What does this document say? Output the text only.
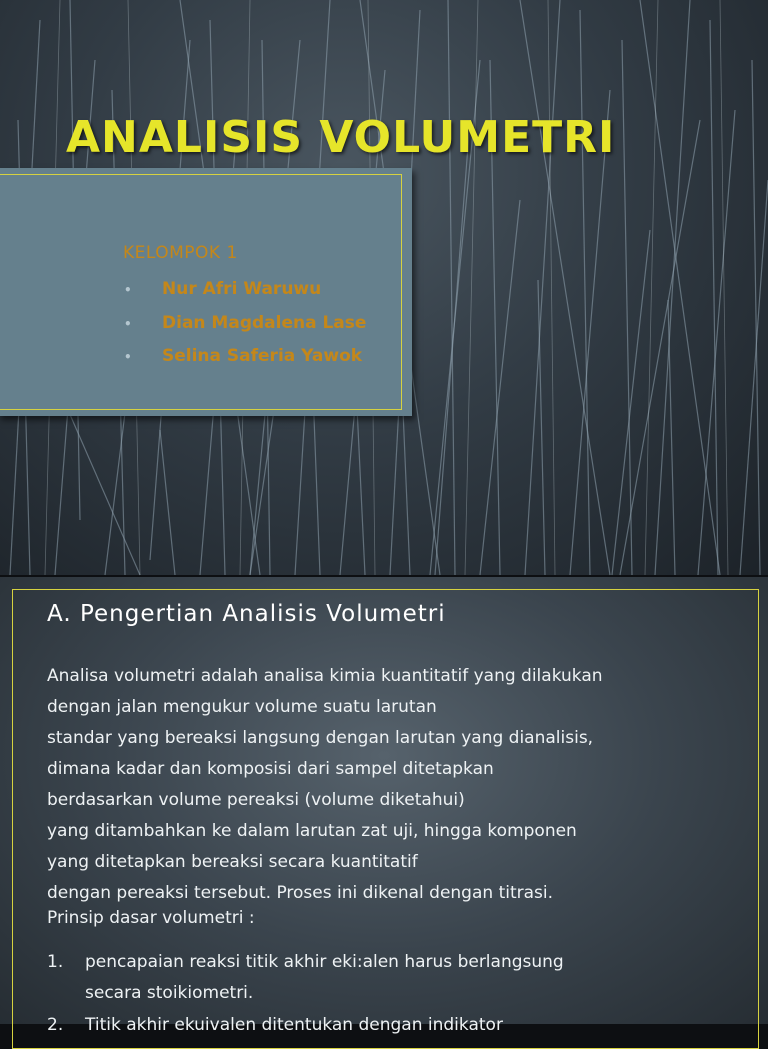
ANALISIS VOLUMETRI
KELOMPOK 1
• Nur Afri Waruwu
• Dian Magdalena Lase
• Selina Saferia Yawok
A. Pengertian Analisis Volumetri
Analisa volumetri adalah analisa kimia kuantitatif yang dilakukan
dengan jalan mengukur volume suatu larutan
standar yang bereaksi langsung dengan larutan yang dianalisis,
dimana kadar dan komposisi dari sampel ditetapkan
berdasarkan volume pereaksi (volume diketahui)
yang ditambahkan ke dalam larutan zat uji, hingga komponen
yang ditetapkan bereaksi secara kuantitatif
dengan pereaksi tersebut. Proses ini dikenal dengan titrasi.
Prinsip dasar volumetri :
1. pencapaian reaksi titik akhir eki:alen harus berlangsung
secara stoikiometri.
2. Titik akhir ekuivalen ditentukan dengan indikator
